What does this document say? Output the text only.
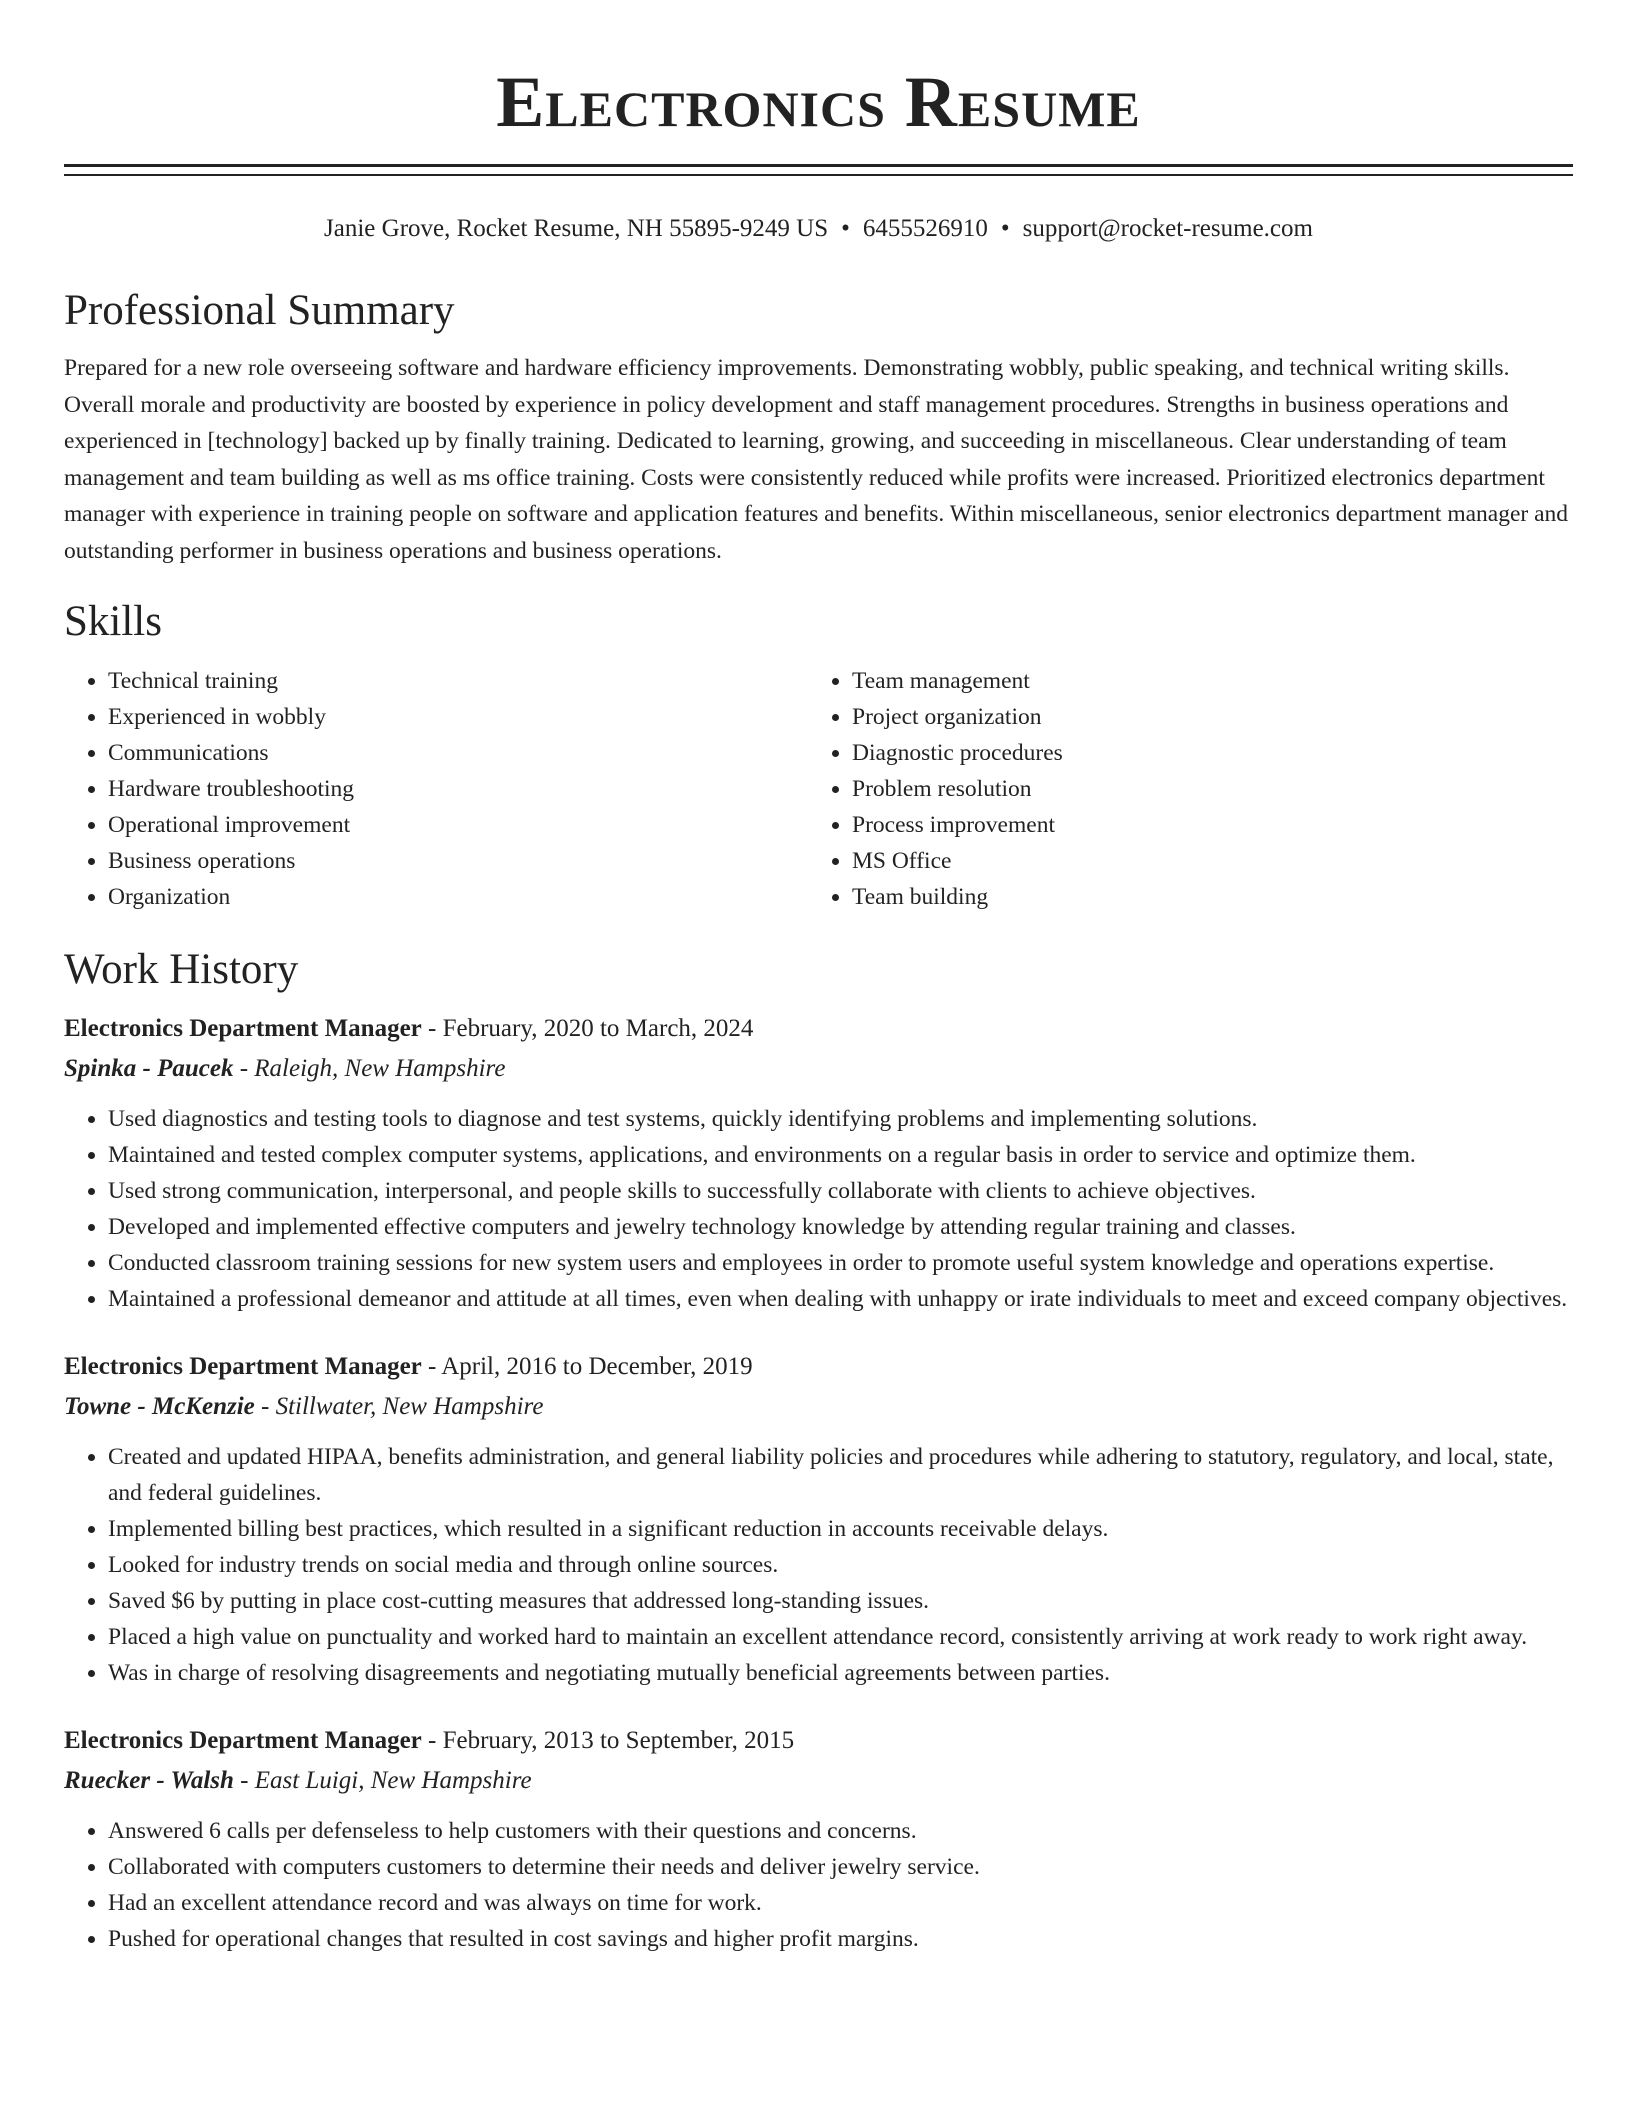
Electronics Resume
Janie Grove, Rocket Resume, NH 55895-9249 US • 6455526910 • support@rocket-resume.com
Professional Summary

Prepared for a new role overseeing software and hardware efficiency improvements. Demonstrating wobbly, public speaking, and technical writing skills. Overall morale and productivity are boosted by experience in policy development and staff management procedures. Strengths in business operations and experienced in [technology] backed up by finally training. Dedicated to learning, growing, and succeeding in miscellaneous. Clear understanding of team management and team building as well as ms office training. Costs were consistently reduced while profits were increased. Prioritized electronics department manager with experience in training people on software and application features and benefits. Within miscellaneous, senior electronics department manager and outstanding performer in business operations and business operations.

Skills
• Technical training
• Experienced in wobbly
• Communications
• Hardware troubleshooting
• Operational improvement
• Business operations
• Organization
• Team management
• Project organization
• Diagnostic procedures
• Problem resolution
• Process improvement
• MS Office
• Team building
Work History
Electronics Department Manager - February, 2020 to March, 2024
Spinka - Paucek - Raleigh, New Hampshire
• Used diagnostics and testing tools to diagnose and test systems, quickly identifying problems and implementing solutions.
• Maintained and tested complex computer systems, applications, and environments on a regular basis in order to service and optimize them.
• Used strong communication, interpersonal, and people skills to successfully collaborate with clients to achieve objectives.
• Developed and implemented effective computers and jewelry technology knowledge by attending regular training and classes.
• Conducted classroom training sessions for new system users and employees in order to promote useful system knowledge and operations expertise.
• Maintained a professional demeanor and attitude at all times, even when dealing with unhappy or irate individuals to meet and exceed company objectives.
Electronics Department Manager - April, 2016 to December, 2019
Towne - McKenzie - Stillwater, New Hampshire
• Created and updated HIPAA, benefits administration, and general liability policies and procedures while adhering to statutory, regulatory, and local, state, and federal guidelines.
• Implemented billing best practices, which resulted in a significant reduction in accounts receivable delays.
• Looked for industry trends on social media and through online sources.
• Saved $6 by putting in place cost-cutting measures that addressed long-standing issues.
• Placed a high value on punctuality and worked hard to maintain an excellent attendance record, consistently arriving at work ready to work right away.
• Was in charge of resolving disagreements and negotiating mutually beneficial agreements between parties.
Electronics Department Manager - February, 2013 to September, 2015
Ruecker - Walsh - East Luigi, New Hampshire
• Answered 6 calls per defenseless to help customers with their questions and concerns.
• Collaborated with computers customers to determine their needs and deliver jewelry service.
• Had an excellent attendance record and was always on time for work.
• Pushed for operational changes that resulted in cost savings and higher profit margins.
